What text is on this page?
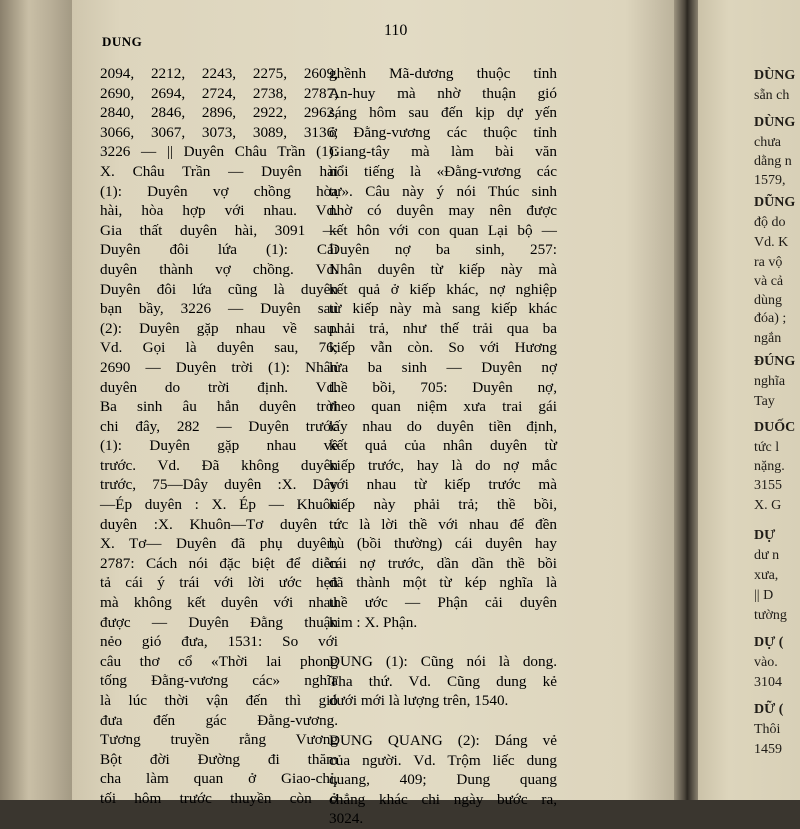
DUNG
110
2094, 2212, 2243, 2275, 2609,
2690, 2694, 2724, 2738, 2787,
2840, 2846, 2896, 2922, 2962,
3066, 3067, 3073, 3089, 3136,
3226 — || Duyên Châu Trần (1):
X. Châu Trần — Duyên hài
(1): Duyên vợ chồng hòa
hài, hòa hợp với nhau. Vd.
Gia thất duyên hài, 3091 —
Duyên đôi lứa (1): Cái
duyên thành vợ chồng. Vd.
Duyên đôi lứa cũng là duyên
bạn bầy, 3226 — Duyên sau
(2): Duyên gặp nhau về sau.
Vd. Gọi là duyên sau, 76;
2690 — Duyên trời (1): Nhân
duyên do trời định. Vd.
Ba sinh âu hẳn duyên trời
chi đây, 282 — Duyên trước
(1): Duyên gặp nhau về
trước. Vd. Đã không duyên
trước, 75—Dây duyên :X. Dây
—Ép duyên : X. Ép — Khuôn
duyên :X. Khuôn—Tơ duyên :
X. Tơ— Duyên đã phụ duyên,
2787: Cách nói đặc biệt để diễn
tả cái ý trái với lời ước hẹn
mà không kết duyên với nhau
được — Duyên Đằng thuận
nẻo gió đưa, 1531: So với
câu thơ cổ «Thời lai phong
tống Đằng-vương các» nghĩa
là lúc thời vận đến thì gió
đưa đến gác Đằng-vương.
Tương truyền rằng Vương
Bột đời Đường đi thăm
cha làm quan ở Giao-chỉ,
tối hôm trước thuyền còn ở
ghềnh Mã-dương thuộc tỉnh
An-huy mà nhờ thuận gió
sáng hôm sau đến kịp dự yến
ở Đằng-vương các thuộc tỉnh
Giang-tây mà làm bài văn
nổi tiếng là «Đằng-vương các
tự». Câu này ý nói Thúc sinh
nhờ có duyên may nên được
kết hôn với con quan Lại bộ —
Duyên nợ ba sinh, 257:
Nhân duyên từ kiếp này mà
kết quả ở kiếp khác, nợ nghiệp
từ kiếp này mà sang kiếp khác
phải trả, như thế trải qua ba
kiếp vẫn còn. So với Hương
lửa ba sinh — Duyên nợ
thề bồi, 705: Duyên nợ,
theo quan niệm xưa trai gái
lấy nhau do duyên tiền định,
kết quả của nhân duyên từ
kiếp trước, hay là do nợ mắc
với nhau từ kiếp trước mà
kiếp này phải trả; thề bồi,
tức là lời thề với nhau để đền
bù (bồi thường) cái duyên hay
cái nợ trước, dần dần thề bồi
đã thành một từ kép nghĩa là
thề ước — Phận cải duyên
kim : X. Phận.
DUNG (1): Cũng nói là dong.
Tha thứ. Vd. Cũng dung kẻ
dưới mới là lượng trên, 1540.
DUNG QUANG (2): Dáng vẻ
của người. Vd. Trộm liếc dung
quang, 409; Dung quang
chẳng khác chi ngày bước ra,
3024.
DÙNG
sẵn ch
DÙNG
chưa
dằng n
1579,
DŨNG
độ do
Vd. K
ra vộ
và cả
dùng
đóa) ;
ngắn
ĐÚNG
nghĩa
Tay
DUỐC
tức l
nặng.
3155
X. G
DỰ
dư n
xưa,
|| D
tường
DỰ (
vào.
3104
DỮ (
Thôi
1459
